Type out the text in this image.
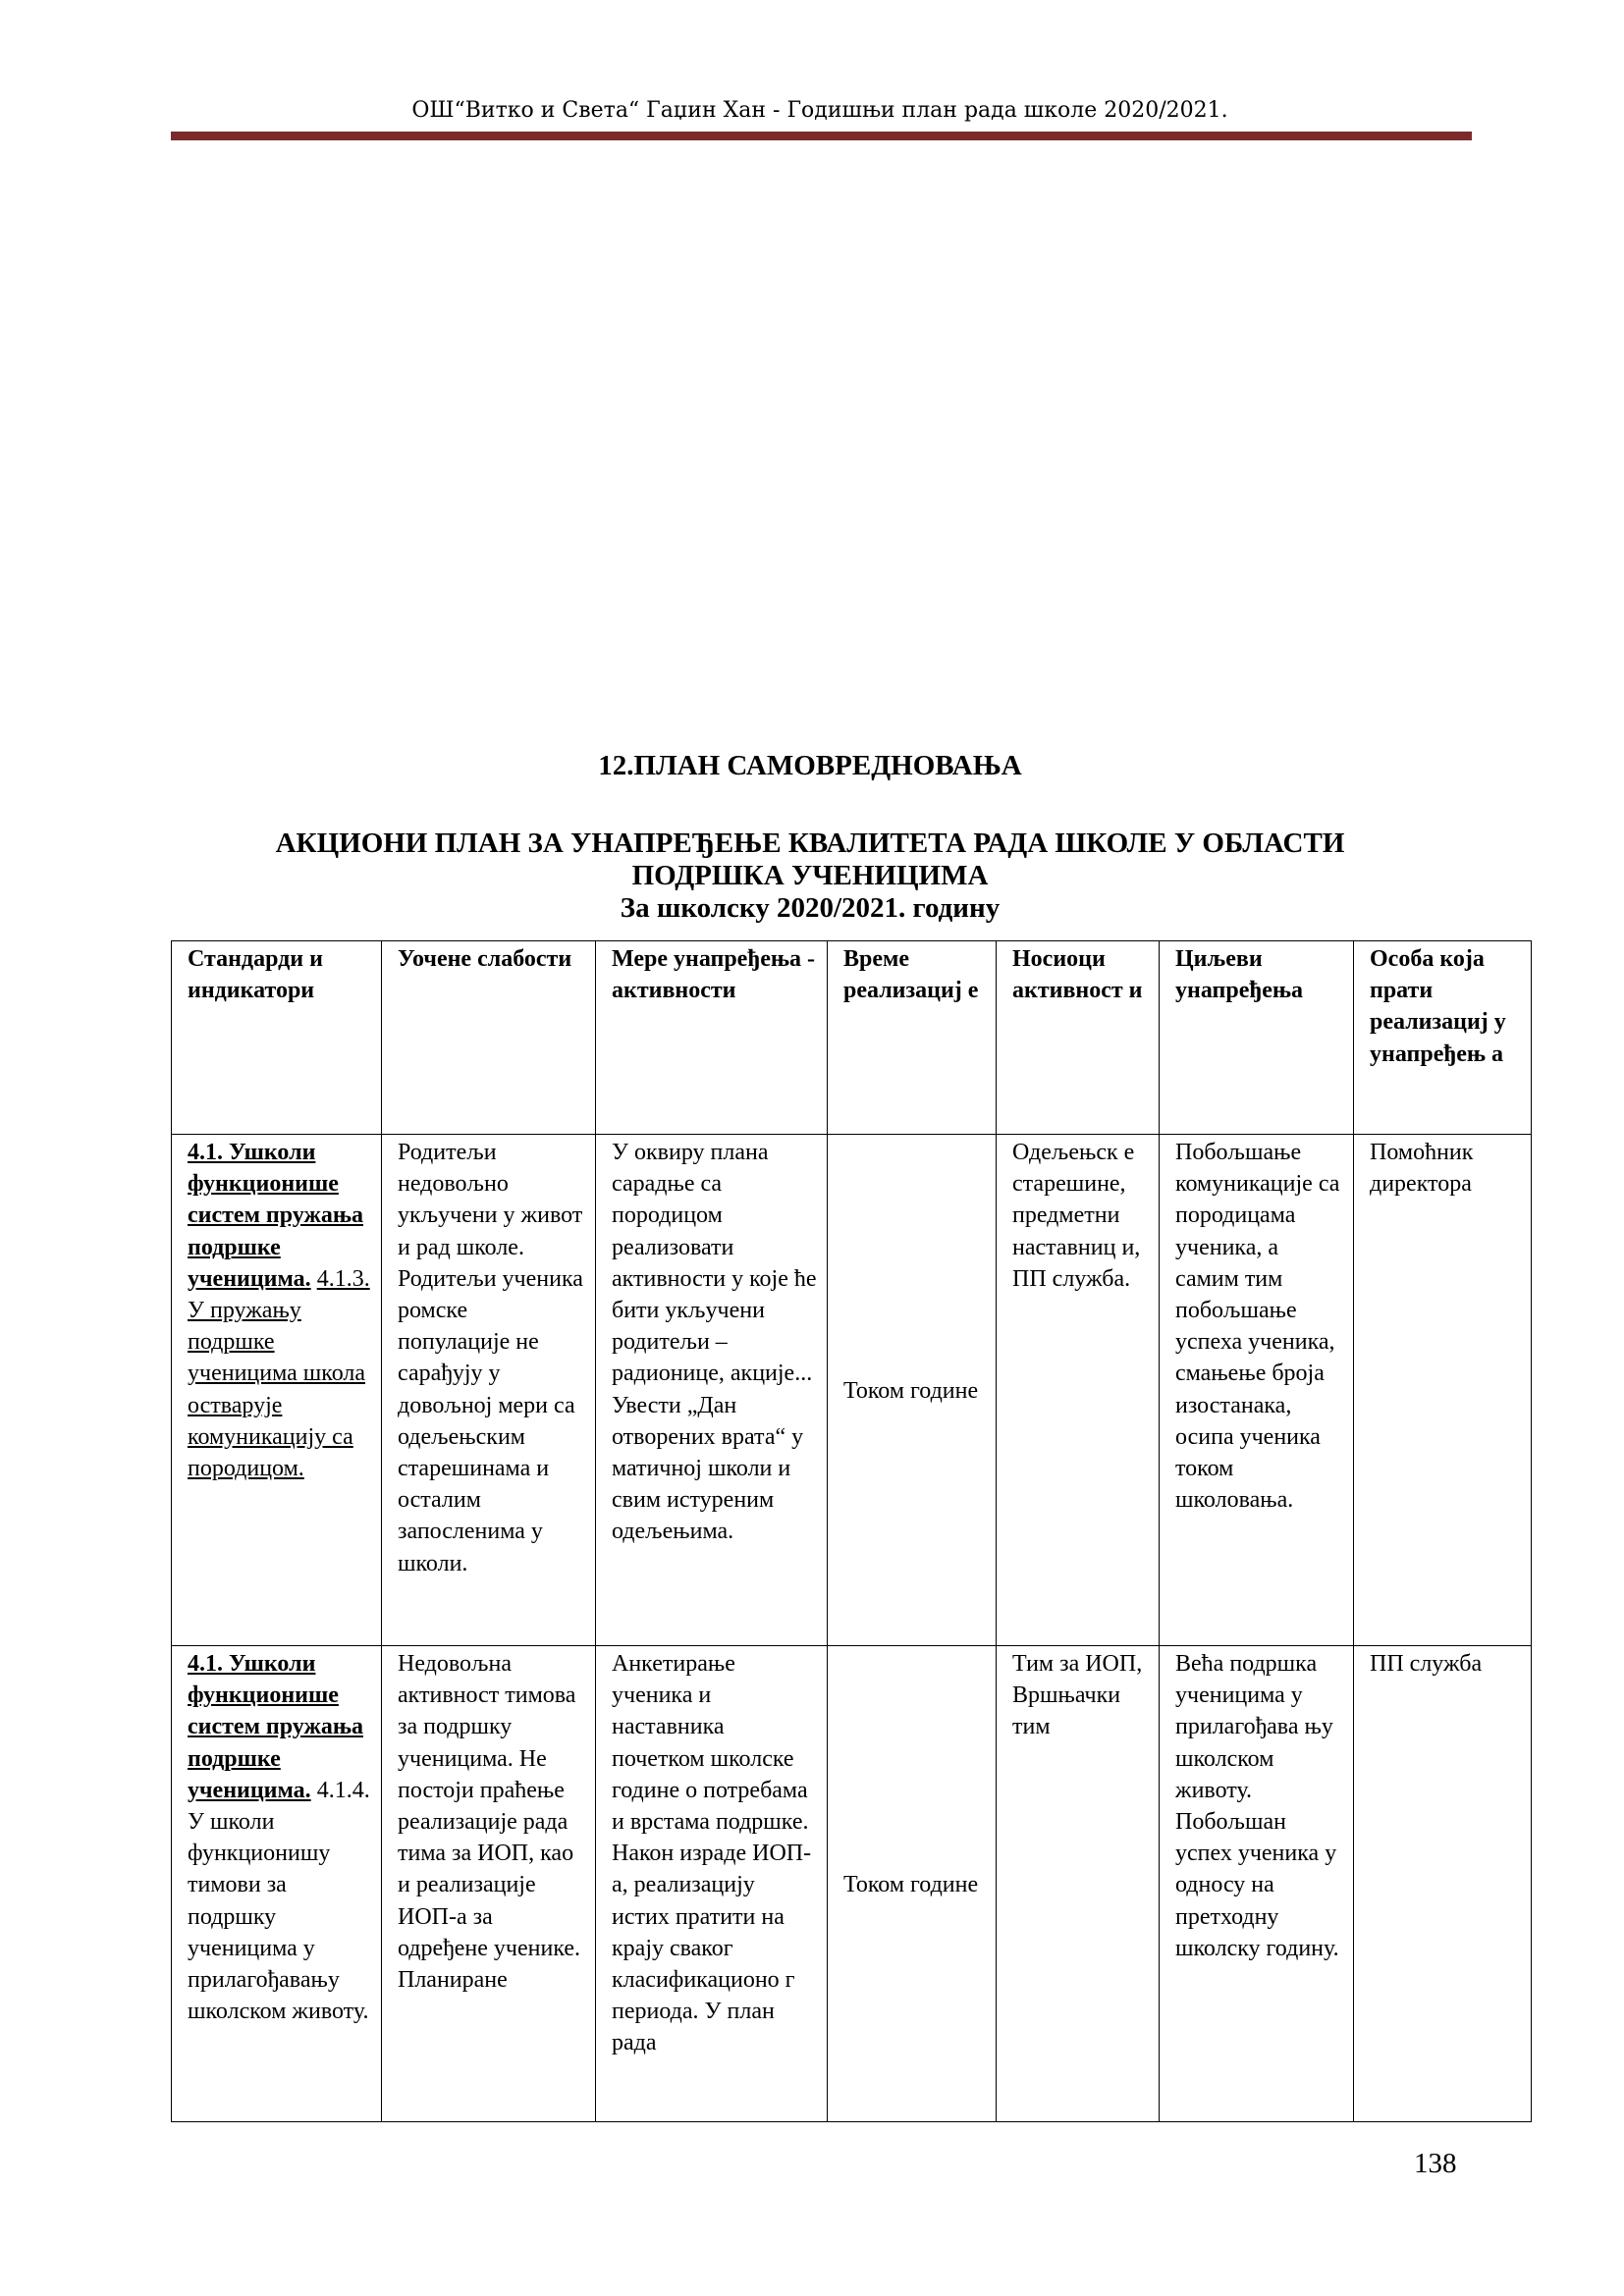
ОШ“Витко и Света“ Гаџин Хан - Годишњи план рада школе 2020/2021.
12.ПЛАН САМОВРЕДНОВАЊА
АКЦИОНИ ПЛАН ЗА УНАПРЕЂЕЊЕ КВАЛИТЕТА РАДА ШКОЛЕ У ОБЛАСТИ
ПОДРШКА УЧЕНИЦИМА
За школску 2020/2021. годину
Стандарди и индикатори	Уочене слабости	Мере унапређења - активности	Време реализациј е	Носиоци активност и	Циљеви унапређења	Особа која прати реализациј у унапређењ а
4.1. Ушколи функционише систем пружања подршке ученицима. 4.1.3. У пружању подршке ученицима школа остварује комуникацију са породицом.	Родитељи недовољно укључени у живот и рад школе. Родитељи ученика ромске популације не сарађују у довољној мери са одељењским старешинама и осталим запосленима у школи.	У оквиру плана сарадње са породицом реализовати активности у које ће бити укључени родитељи – радионице, акције... Увести „Дан отворених врата“ у матичној школи и свим истуреним одељењима.	Током године	Одељењск е старешине, предметни наставниц и, ПП служба.	Побољшање комуникације са породицама ученика, а самим тим побољшање успеха ученика, смањење броја изостанака, осипа ученика током школовања.	Помоћник директора
4.1. Ушколи функционише систем пружања подршке ученицима. 4.1.4. У школи функционишу тимови за подршку ученицима у прилагођавању школском животу.	Недовољна активност тимова за подршку ученицима. Не постоји праћење реализације рада тима за ИОП, као и реализације ИОП-а за одређене ученике. Планиране	Анкетирање ученика и наставника почетком школске године о потребама и врстама подршке. Након израде ИОП-а, реализацију истих пратити на крају сваког класификационо г периода. У план рада	Током године	Тим за ИОП, Вршњачки тим	Већа подршка ученицима у прилагођава њу школском животу. Побољшан успех ученика у односу на претходну школску годину.	ПП служба
138
